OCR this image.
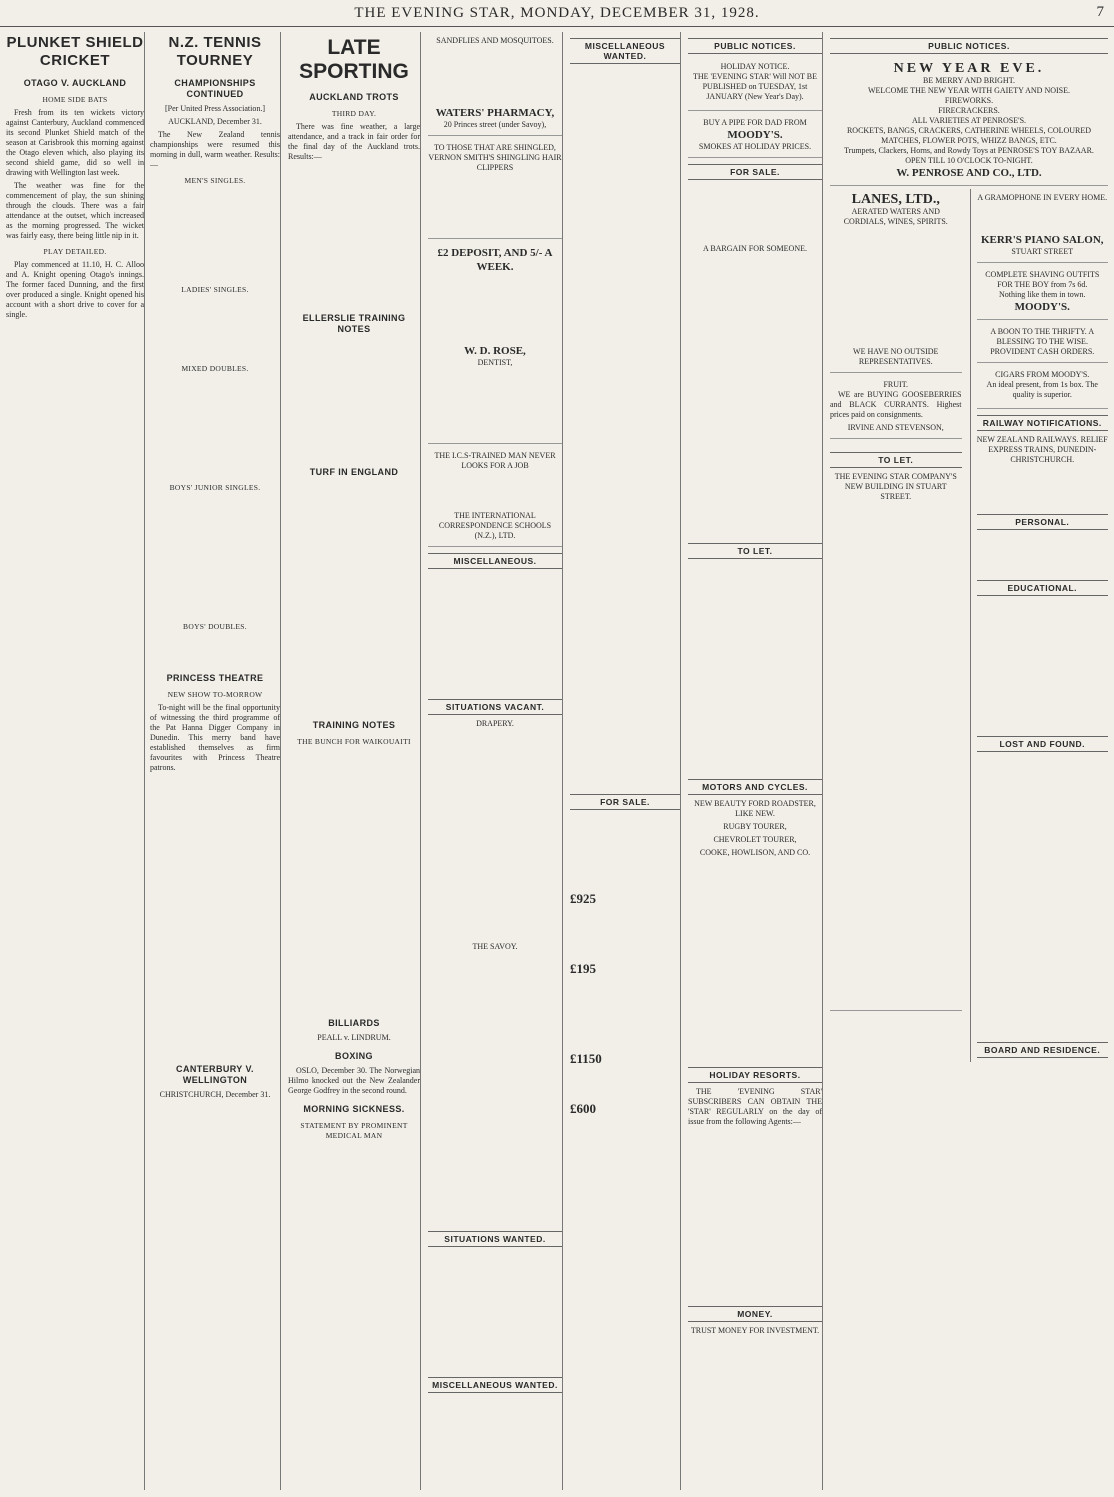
THE EVENING STAR, MONDAY, DECEMBER 31, 1928.	7
PLUNKET SHIELD CRICKET
OTAGO V. AUCKLAND
HOME SIDE BATS

Fresh from its ten wickets victory against Canterbury, Auckland commenced its second Plunket Shield match of the season at Carisbrook this morning against the Otago eleven which, also playing its second shield game, did so well in drawing with Wellington last week.

The weather was fine for the commencement of play, the sun shining through the clouds. There was a fair attendance at the outset, which increased as the morning progressed. The wicket was fairly easy, there being little nip in it.

PLAY DETAILED.

Play commenced at 11.10, H. C. Alloo and A. Knight opening Otago's innings. The former faced Dunning, and the first over produced a single. Knight opened his account with a short drive to cover for a single.

N.Z. TENNIS TOURNEY
CHAMPIONSHIPS CONTINUED

[Per United Press Association.]

AUCKLAND, December 31.

The New Zealand tennis championships were resumed this morning in dull, warm weather. Results:—

MEN'S SINGLES.
LADIES' SINGLES.
MIXED DOUBLES.
BOYS' JUNIOR SINGLES.
BOYS' DOUBLES.
PRINCESS THEATRE
NEW SHOW TO-MORROW

To-night will be the final opportunity of witnessing the third programme of the Pat Hanna Digger Company in Dunedin. This merry band have established themselves as firm favourites with Princess Theatre patrons.

CANTERBURY V. WELLINGTON

CHRISTCHURCH, December 31.

LATE SPORTING
AUCKLAND TROTS
THIRD DAY.

There was fine weather, a large attendance, and a track in fair order for the final day of the Auckland trots. Results:—

ELLERSLIE TRAINING NOTES
TURF IN ENGLAND
TRAINING NOTES
THE BUNCH FOR WAIKOUAITI
BILLIARDS

PEALL v. LINDRUM.

BOXING

OSLO, December 30. The Norwegian Hilmo knocked out the New Zealander George Godfrey in the second round.

MORNING SICKNESS.
STATEMENT BY PROMINENT MEDICAL MAN
SANDFLIES AND MOSQUITOES.
WATERS' PHARMACY,
20 Princes street (under Savoy),
TO THOSE THAT ARE SHINGLED,
VERNON SMITH'S SHINGLING HAIR CLIPPERS
£2 DEPOSIT, AND 5/- A WEEK.
W. D. ROSE,
DENTIST,
THE I.C.S-TRAINED MAN NEVER LOOKS FOR A JOB
THE INTERNATIONAL CORRESPONDENCE SCHOOLS (N.Z.), LTD.
MISCELLANEOUS.
SITUATIONS VACANT.

DRAPERY.

THE SAVOY.

SITUATIONS WANTED.
MISCELLANEOUS WANTED.
MISCELLANEOUS WANTED.
FOR SALE.
£925
£195
£1150
£600
PUBLIC NOTICES.
HOLIDAY NOTICE.

THE 'EVENING STAR' Will NOT BE PUBLISHED on TUESDAY, 1st JANUARY (New Year's Day).

BUY A PIPE FOR DAD FROM
MOODY'S.
SMOKES AT HOLIDAY PRICES.
FOR SALE.

A BARGAIN FOR SOMEONE.

TO LET.
MOTORS AND CYCLES.

NEW BEAUTY FORD ROADSTER, LIKE NEW.

RUGBY TOURER,

CHEVROLET TOURER,

COOKE, HOWLISON, AND CO.

HOLIDAY RESORTS.

THE 'EVENING STAR' SUBSCRIBERS CAN OBTAIN THE 'STAR' REGULARLY on the day of issue from the following Agents:—

MONEY.

TRUST MONEY FOR INVESTMENT.

PUBLIC NOTICES.
NEW YEAR EVE.
BE MERRY AND BRIGHT.
WELCOME THE NEW YEAR WITH GAIETY AND NOISE.
FIREWORKS.
FIRECRACKERS.
ALL VARIETIES AT PENROSE'S.
ROCKETS, BANGS, CRACKERS, CATHERINE WHEELS, COLOURED MATCHES, FLOWER POTS, WHIZZ BANGS, ETC.
Trumpets, Clackers, Horns, and Rowdy Toys at PENROSE'S TOY BAZAAR.
OPEN TILL 10 O'CLOCK TO-NIGHT.
W. PENROSE AND CO., LTD.
LANES, LTD.,
AERATED WATERS AND CORDIALS, WINES, SPIRITS.
WE HAVE NO OUTSIDE REPRESENTATIVES.
FRUIT.

WE are BUYING GOOSEBERRIES and BLACK CURRANTS. Highest prices paid on consignments.

IRVINE AND STEVENSON,
TO LET.

THE EVENING STAR COMPANY'S NEW BUILDING IN STUART STREET.

A GRAMOPHONE IN EVERY HOME.
KERR'S PIANO SALON,
STUART STREET
COMPLETE SHAVING OUTFITS FOR THE BOY from 7s 6d.
Nothing like them in town.
MOODY'S.
A BOON TO THE THRIFTY. A BLESSING TO THE WISE.
PROVIDENT CASH ORDERS.
CIGARS FROM MOODY'S.

An ideal present, from 1s box. The quality is superior.

RAILWAY NOTIFICATIONS.

NEW ZEALAND RAILWAYS. RELIEF EXPRESS TRAINS, DUNEDIN-CHRISTCHURCH.

PERSONAL.
EDUCATIONAL.
LOST AND FOUND.
BOARD AND RESIDENCE.
